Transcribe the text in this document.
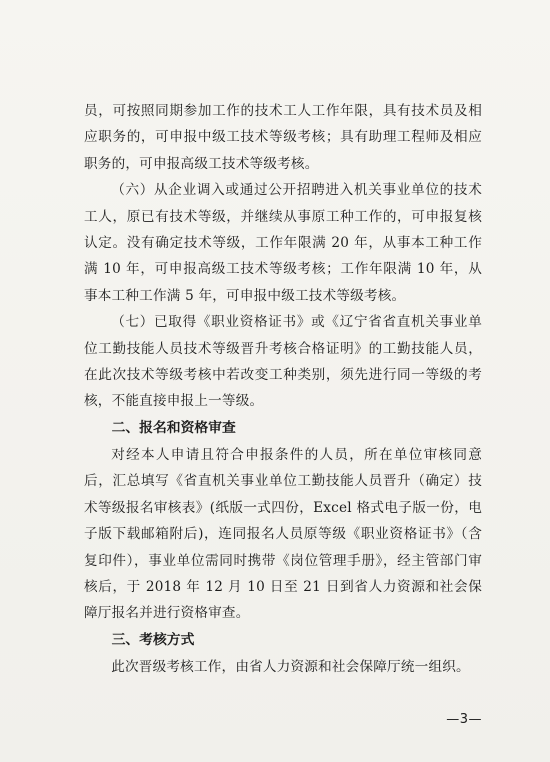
员，可按照同期参加工作的技术工人工作年限，具有技术员及相应职务的，可申报中级工技术等级考核；具有助理工程师及相应职务的，可申报高级工技术等级考核。

（六）从企业调入或通过公开招聘进入机关事业单位的技术工人，原已有技术等级，并继续从事原工种工作的，可申报复核认定。没有确定技术等级，工作年限满 20 年，从事本工种工作满 10 年，可申报高级工技术等级考核；工作年限满 10 年，从事本工种工作满 5 年，可申报中级工技术等级考核。

（七）已取得《职业资格证书》或《辽宁省省直机关事业单位工勤技能人员技术等级晋升考核合格证明》的工勤技能人员，在此次技术等级考核中若改变工种类别，须先进行同一等级的考核，不能直接申报上一等级。

二、报名和资格审查

对经本人申请且符合申报条件的人员，所在单位审核同意后，汇总填写《省直机关事业单位工勤技能人员晋升（确定）技术等级报名审核表》(纸版一式四份，Excel 格式电子版一份，电子版下载邮箱附后)，连同报名人员原等级《职业资格证书》（含复印件），事业单位需同时携带《岗位管理手册》，经主管部门审核后，于 2018 年 12 月 10 日至 21 日到省人力资源和社会保障厅报名并进行资格审查。

三、考核方式

此次晋级考核工作，由省人力资源和社会保障厅统一组织。

—3—
